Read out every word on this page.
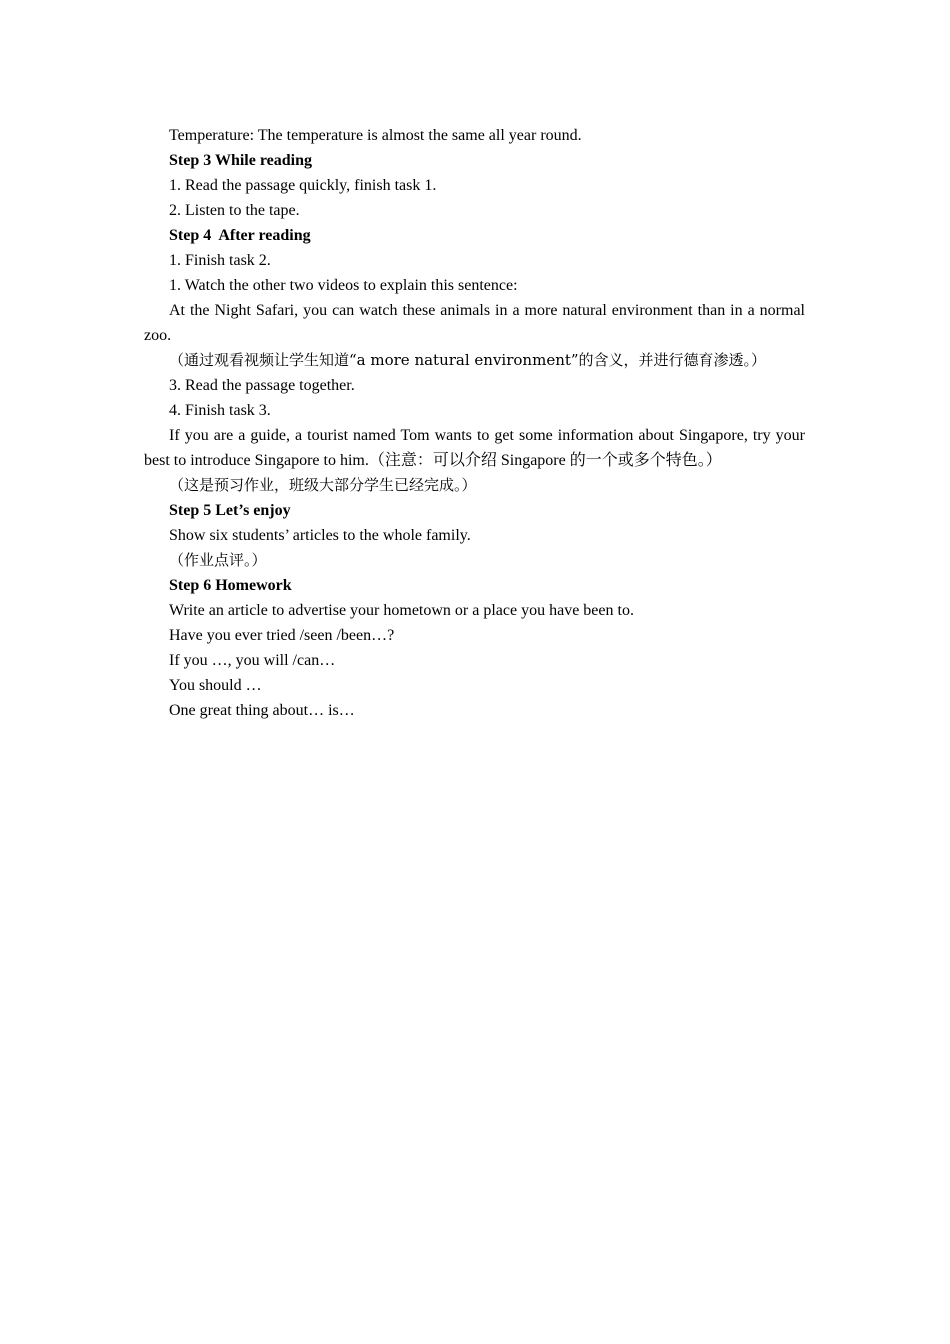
Temperature: The temperature is almost the same all year round.
Step 3 While reading
1. Read the passage quickly, finish task 1.
2. Listen to the tape.
Step 4  After reading
1. Finish task 2.
1. Watch the other two videos to explain this sentence:
At the Night Safari, you can watch these animals in a more natural environment than in a normal zoo.
（通过观看视频让学生知道“a more natural environment”的含义，并进行德育渗透。）
3. Read the passage together.
4. Finish task 3.
If you are a guide, a tourist named Tom wants to get some information about Singapore, try your best to introduce Singapore to him.（注意：可以介绍 Singapore 的一个或多个特色。）
（这是预习作业，班级大部分学生已经完成。）
Step 5 Let’s enjoy
Show six students’ articles to the whole family.
（作业点评。）
Step 6 Homework
Write an article to advertise your hometown or a place you have been to.
Have you ever tried /seen /been…?
If you …, you will /can…
You should …
One great thing about… is…
